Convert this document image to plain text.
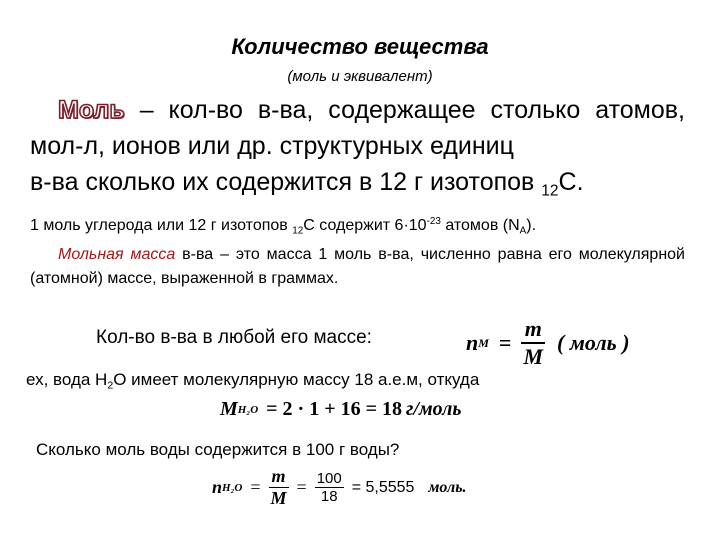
Количество вещества
(моль и эквивалент)
Моль – кол-во в-ва, содержащее столько атомов, мол-л, ионов или др. структурных единиц
в-ва сколько их содержится в 12 г изотопов $_{12}$С.
1 моль углерода или 12 г изотопов $_{12}$С содержит $6\cdot 10^{-23}$ атомов $(N_A)$.
Мольная масса в-ва – это масса 1 моль в-ва, численно равна его молекулярной (атомной) массе, выраженной в граммах.
Кол-во в-ва в любой его массе:	n $M = \frac{m}{M}$ ( моль )
ех, вода $Н_2О$ имеет молекулярную массу 18 а.е.м, откуда
M H₂O = 2 · 1 + 16 = 18 г / моль
Сколько моль воды содержится в 100 г воды?
n $H_2O = \frac{m}{M} = \frac{100}{18} = 5,5555$ моль.
